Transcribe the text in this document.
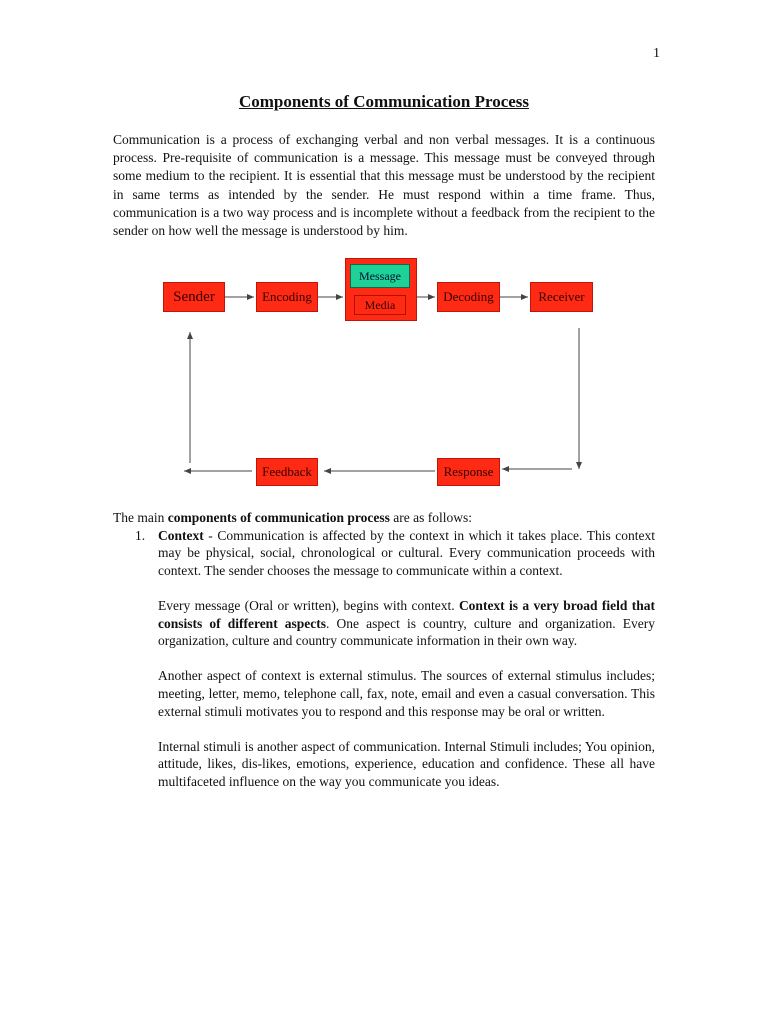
1
Components of Communication Process

Communication is a process of exchanging verbal and non verbal messages. It is a continuous process. Pre-requisite of communication is a message. This message must be conveyed through some medium to the recipient. It is essential that this message must be understood by the recipient in same terms as intended by the sender. He must respond within a time frame. Thus, communication is a two way process and is incomplete without a feedback from the recipient to the sender on how well the message is understood by him.

Sender	Encoding
Message
Media
Decoding	Receiver
Response
Feedback

The main components of communication process are as follows:

1. Context - Communication is affected by the context in which it takes place. This context may be physical, social, chronological or cultural. Every communication proceeds with context. The sender chooses the message to communicate within a context.

Every message (Oral or written), begins with context. Context is a very broad field that consists of different aspects. One aspect is country, culture and organization. Every organization, culture and country communicate information in their own way.

Another aspect of context is external stimulus. The sources of external stimulus includes; meeting, letter, memo, telephone call, fax, note, email and even a casual conversation. This external stimuli motivates you to respond and this response may be oral or written.

Internal stimuli is another aspect of communication. Internal Stimuli includes; You opinion, attitude, likes, dis-likes, emotions, experience, education and confidence. These all have multifaceted influence on the way you communicate you ideas.
